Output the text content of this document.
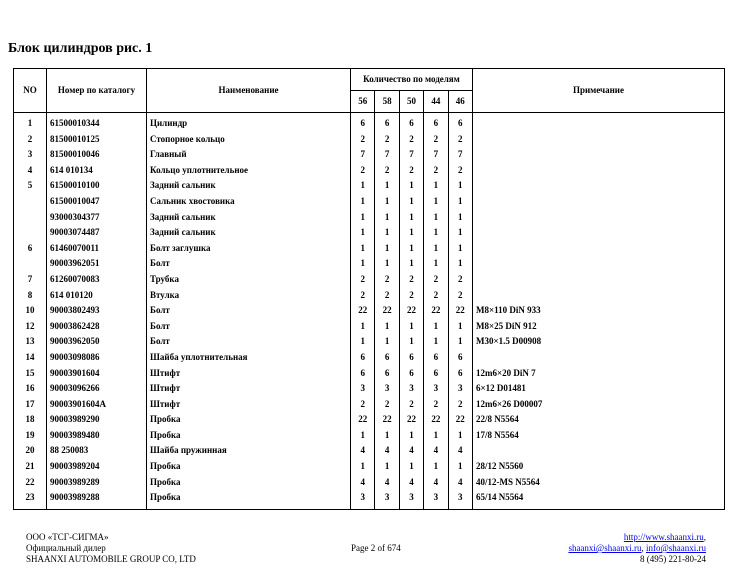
Блок цилиндров рис. 1
NO	Номер по каталогу	Наименование	Количество по моделям					Примечание
			56	58	50	44	46	
1	61500010344	Цилиндр	6	6	6	6	6	
2	81500010125	Стопорное кольцо	2	2	2	2	2	
3	81500010046	Главный	7	7	7	7	7	
4	614 010134	Кольцо уплотнительное	2	2	2	2	2	
5	61500010100	Задний сальник	1	1	1	1	1	
	61500010047	Сальник хвостовика	1	1	1	1	1	
	93000304377	Задний сальник	1	1	1	1	1	
	90003074487	Задний сальник	1	1	1	1	1	
6	61460070011	Болт заглушка	1	1	1	1	1	
	90003962051	Болт	1	1	1	1	1	
7	61260070083	Трубка	2	2	2	2	2	
8	614 010120	Втулка	2	2	2	2	2	
10	90003802493	Болт	22	22	22	22	22	M8×110 DiN 933
12	90003862428	Болт	1	1	1	1	1	M8×25 DiN 912
13	90003962050	Болт	1	1	1	1	1	M30×1.5 D00908
14	90003098086	Шайба уплотнительная	6	6	6	6	6	
15	90003901604	Штифт	6	6	6	6	6	12m6×20 DiN 7
16	90003096266	Штифт	3	3	3	3	3	6×12 D01481
17	90003901604A	Штифт	2	2	2	2	2	12m6×26 D00007
18	90003989290	Пробка	22	22	22	22	22	22/8 N5564
19	90003989480	Пробка	1	1	1	1	1	17/8 N5564
20	88 250083	Шайба пружинная	4	4	4	4	4	
21	90003989204	Пробка	1	1	1	1	1	28/12 N5560
22	90003989289	Пробка	4	4	4	4	4	40/12-MS N5564
23	90003989288	Пробка	3	3	3	3	3	65/14 N5564
ООО «ТСГ-СИГМА»
Официальный дилер
SHAANXI AUTOMOBILE GROUP CO, LTD
Page 2 of 674
http://www.shaanxi.ru,
shaanxi@shaanxi.ru, info@shaanxi.ru
8 (495) 221-80-24
